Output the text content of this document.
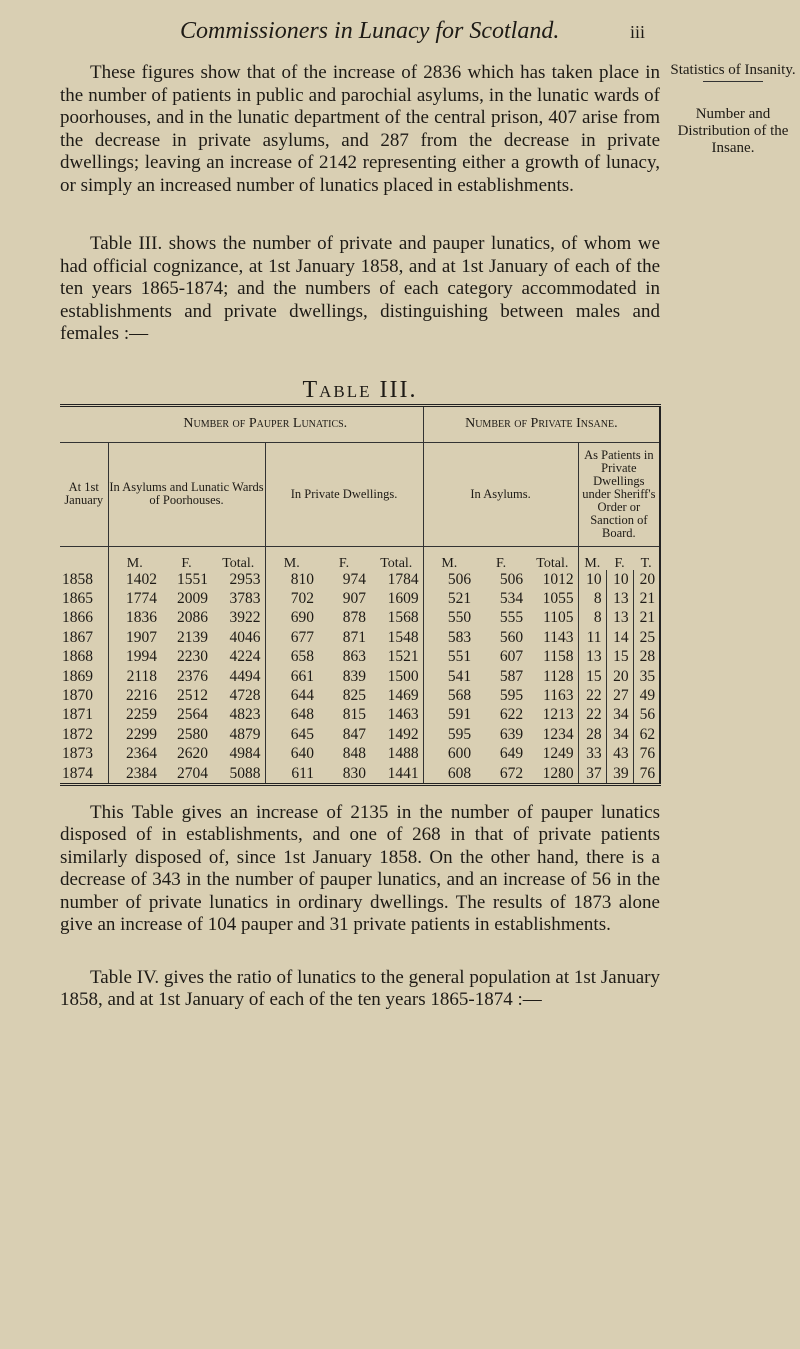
Commissioners in Lunacy for Scotland.	iii
Statistics of Insanity.
Number and Distribution of the Insane.

These figures show that of the increase of 2836 which has taken place in the number of patients in public and parochial asylums, in the lunatic wards of poorhouses, and in the lunatic department of the central prison, 407 arise from the decrease in private asylums, and 287 from the decrease in private dwellings; leaving an increase of 2142 representing either a growth of lunacy, or simply an increased number of lunatics placed in establishments.

Table III. shows the number of private and pauper lunatics, of whom we had official cognizance, at 1st January 1858, and at 1st January of each of the ten years 1865-1874; and the numbers of each category accommodated in establishments and private dwellings, distinguishing between males and females :—

Table III.
	Number of Pauper Lunatics.						Number of Private Insane.					
At 1st January	In Asylums and Lunatic Wards of Poorhouses.			In Private Dwellings.			In Asylums.			As Patients in Private Dwellings under Sheriff's Order or Sanction of Board.		
	M.	F.	Total.	M.	F.	Total.	M.	F.	Total.	M.	F.	T.
1858	1402	1551	2953	810	974	1784	506	506	1012	10	10	20
1865	1774	2009	3783	702	907	1609	521	534	1055	8	13	21
1866	1836	2086	3922	690	878	1568	550	555	1105	8	13	21
1867	1907	2139	4046	677	871	1548	583	560	1143	11	14	25
1868	1994	2230	4224	658	863	1521	551	607	1158	13	15	28
1869	2118	2376	4494	661	839	1500	541	587	1128	15	20	35
1870	2216	2512	4728	644	825	1469	568	595	1163	22	27	49
1871	2259	2564	4823	648	815	1463	591	622	1213	22	34	56
1872	2299	2580	4879	645	847	1492	595	639	1234	28	34	62
1873	2364	2620	4984	640	848	1488	600	649	1249	33	43	76
1874	2384	2704	5088	611	830	1441	608	672	1280	37	39	76

This Table gives an increase of 2135 in the number of pauper lunatics disposed of in establishments, and one of 268 in that of private patients similarly disposed of, since 1st January 1858. On the other hand, there is a decrease of 343 in the number of pauper lunatics, and an increase of 56 in the number of private lunatics in ordinary dwellings. The results of 1873 alone give an increase of 104 pauper and 31 private patients in establishments.

Table IV. gives the ratio of lunatics to the general population at 1st January 1858, and at 1st January of each of the ten years 1865-1874 :—
